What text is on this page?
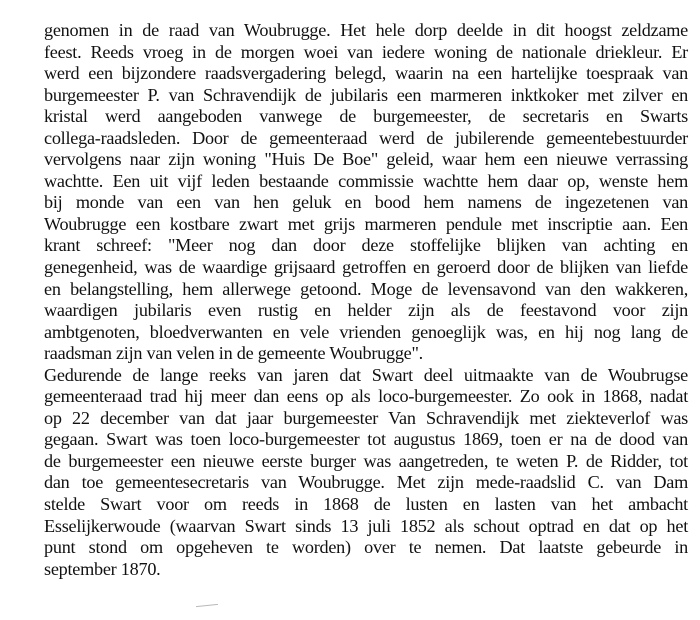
genomen in de raad van Woubrugge. Het hele dorp deelde in dit hoogst zeldzame
feest. Reeds vroeg in de morgen woei van iedere woning de nationale driekleur. Er
werd een bijzondere raadsvergadering belegd, waarin na een hartelijke toespraak van
burgemeester P. van Schravendijk de jubilaris een marmeren inktkoker met zilver en
kristal werd aangeboden vanwege de burgemeester, de secretaris en Swarts
collega-raadsleden. Door de gemeenteraad werd de jubilerende gemeentebestuurder
vervolgens naar zijn woning "Huis De Boe" geleid, waar hem een nieuwe verrassing
wachtte. Een uit vijf leden bestaande commissie wachtte hem daar op, wenste hem
bij monde van een van hen geluk en bood hem namens de ingezetenen van
Woubrugge een kostbare zwart met grijs marmeren pendule met inscriptie aan. Een
krant schreef: "Meer nog dan door deze stoffelijke blijken van achting en
genegenheid, was de waardige grijsaard getroffen en geroerd door de blijken van liefde
en belangstelling, hem allerwege getoond. Moge de levensavond van den wakkeren,
waardigen jubilaris even rustig en helder zijn als de feestavond voor zijn
ambtgenoten, bloedverwanten en vele vrienden genoeglijk was, en hij nog lang de
raadsman zijn van velen in de gemeente Woubrugge".
Gedurende de lange reeks van jaren dat Swart deel uitmaakte van de Woubrugse
gemeenteraad trad hij meer dan eens op als loco-burgemeester. Zo ook in 1868, nadat
op 22 december van dat jaar burgemeester Van Schravendijk met ziekteverlof was
gegaan. Swart was toen loco-burgemeester tot augustus 1869, toen er na de dood van
de burgemeester een nieuwe eerste burger was aangetreden, te weten P. de Ridder, tot
dan toe gemeentesecretaris van Woubrugge. Met zijn mede-raadslid C. van Dam
stelde Swart voor om reeds in 1868 de lusten en lasten van het ambacht
Esselijkerwoude (waarvan Swart sinds 13 juli 1852 als schout optrad en dat op het
punt stond om opgeheven te worden) over te nemen. Dat laatste gebeurde in
september 1870.
